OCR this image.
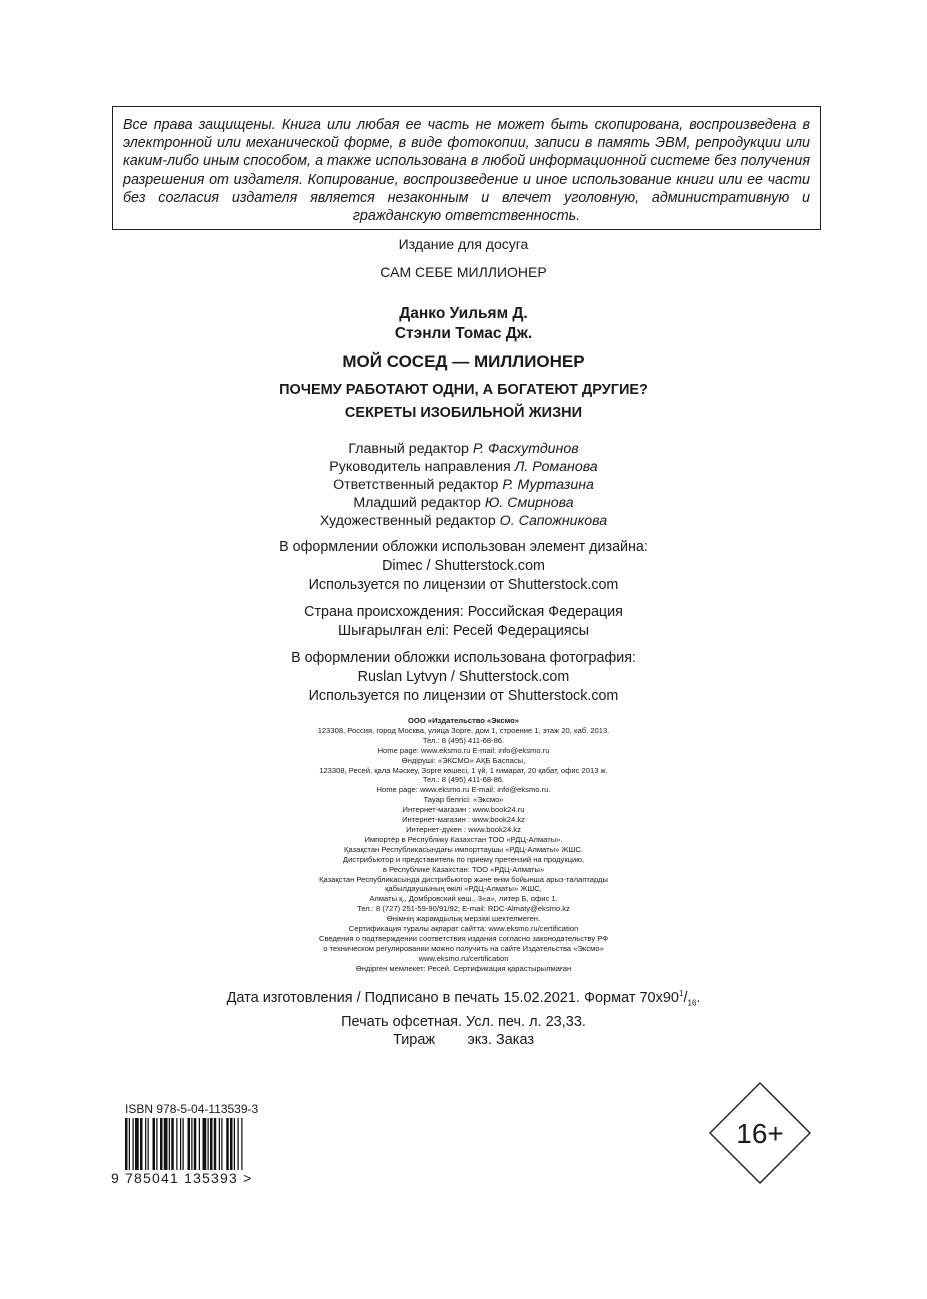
Все права защищены. Книга или любая ее часть не может быть скопирована, воспроизведена в электронной или механической форме, в виде фотокопии, записи в память ЭВМ, репродукции или каким-либо иным способом, а также использована в любой информационной системе без получения разрешения от издателя. Копирование, воспроизведение и иное использование книги или ее части без согласия издателя является незаконным и влечет уголовную, административную и гражданскую ответственность.
Издание для досуга
САМ СЕБЕ МИЛЛИОНЕР
Данко Уильям Д.
Стэнли Томас Дж.
МОЙ СОСЕД — МИЛЛИОНЕР
ПОЧЕМУ РАБОТАЮТ ОДНИ, А БОГАТЕЮТ ДРУГИЕ?
СЕКРЕТЫ ИЗОБИЛЬНОЙ ЖИЗНИ
Главный редактор Р. Фасхутдинов
Руководитель направления Л. Романова
Ответственный редактор Р. Муртазина
Младший редактор Ю. Смирнова
Художественный редактор О. Сапожникова
В оформлении обложки использован элемент дизайна:
Dimec / Shutterstock.com
Используется по лицензии от Shutterstock.com
Страна происхождения: Российская Федерация
Шығарылған елі: Ресей Федерациясы
В оформлении обложки использована фотография:
Ruslan Lytvyn / Shutterstock.com
Используется по лицензии от Shutterstock.com
ООО «Издательство «Эксмо»
123308, Россия, город Москва, улица Зорге, дом 1, строение 1, этаж 20, каб. 2013.
Тел.: 8 (495) 411-68-86.
Home page: www.eksmo.ru E-mail: info@eksmo.ru
Өндіруші: «ЭКСМО» АҚБ Баспасы,
123308, Ресей, қала Мәскеу, Зорге көшесі, 1 үй, 1 ғимарат, 20 қабат, офис 2013 ж.
Тел.: 8 (495) 411-68-86.
Home page: www.eksmo.ru E-mail: info@eksmo.ru.
Тауар белгісі: «Эксмо»
Интернет-магазин : www.book24.ru
Интернет-магазин : www.book24.kz
Интернет-дүкен : www.book24.kz
Импортёр в Республику Казахстан ТОО «РДЦ-Алматы».
Қазақстан Республикасындағы импорттаушы «РДЦ-Алматы» ЖШС.
Дистрибьютор и представитель по приему претензий на продукцию,
в Республике Казахстан: ТОО «РДЦ-Алматы»
Қазақстан Республикасында дистрибьютор және өнім бойынша арыз-талаптарды
қабылдаушының өкілі «РДЦ-Алматы» ЖШС,
Алматы қ., Домбровский көш., 3«а», литер Б, офис 1.
Тел.: 8 (727) 251-59-90/91/92; E-mail: RDC-Almaty@eksmo.kz
Өнімнің жарамдылық мерзімі шектелмеген.
Сертификация туралы ақпарат сайтта: www.eksmo.ru/certification
Сведения о подтверждении соответствия издания согласно законодательству РФ
о техническом регулировании можно получить на сайте Издательства «Эксмо»
www.eksmo.ru/certification
Өндірген мемлекет: Ресей. Сертификация қарастырылмаған
Дата изготовления / Подписано в печать 15.02.2021. Формат $70x90^1/_{16}$.
Печать офсетная. Усл. печ. л. 23,33.
Тираж        экз. Заказ
ISBN 978-5-04-113539-3
9 785041 135393 >
16+
